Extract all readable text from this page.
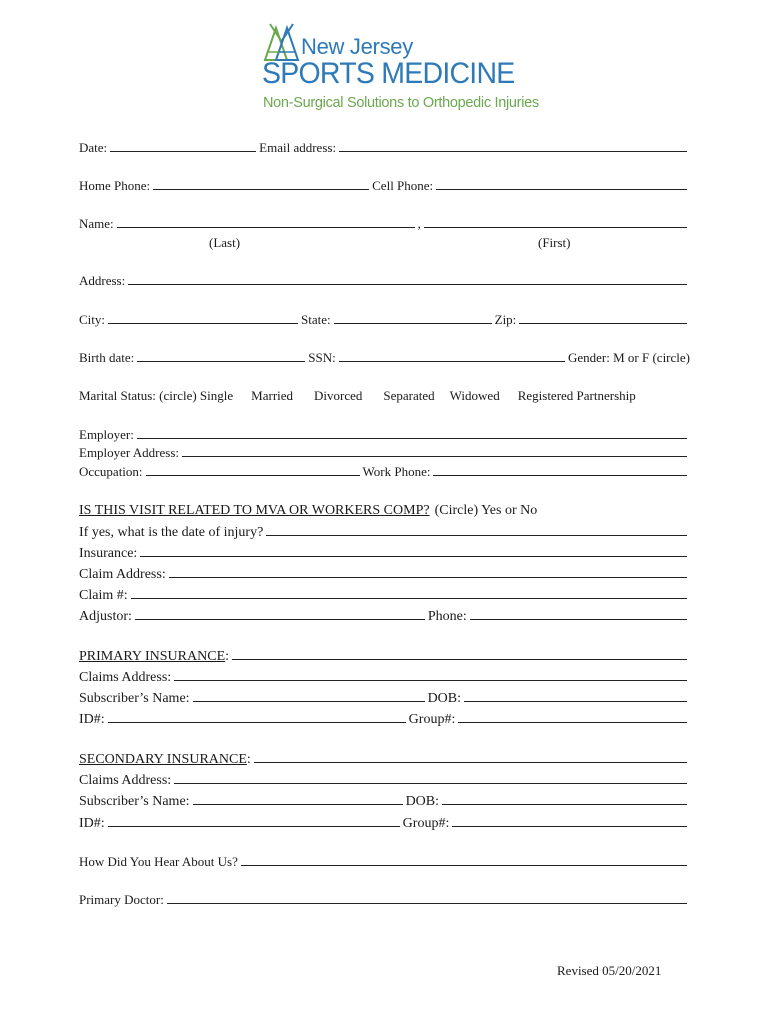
New Jersey
SPORTS MEDICINE
Non-Surgical Solutions to Orthopedic Injuries
Date:	Email address:
Home Phone:	Cell Phone:
Name:	,
(Last)	(First)
Address:
City:	State:	Zip:
Birth date:	SSN:	Gender: M or F (circle)
Marital Status: (circle) Single Married Divorced Separated Widowed Registered Partnership
Employer:
Employer Address:
Occupation:	Work Phone:
IS THIS VISIT RELATED TO MVA OR WORKERS COMP? (Circle) Yes or No
If yes, what is the date of injury?
Insurance:
Claim Address:
Claim #:
Adjustor:	Phone:
PRIMARY INSURANCE :
Claims Address:
Subscriber’s Name:	DOB:
ID#:	Group#:
SECONDARY INSURANCE :
Claims Address:
Subscriber’s Name:	DOB:
ID#:	Group#:
How Did You Hear About Us?
Primary Doctor:
Revised 05/20/2021
